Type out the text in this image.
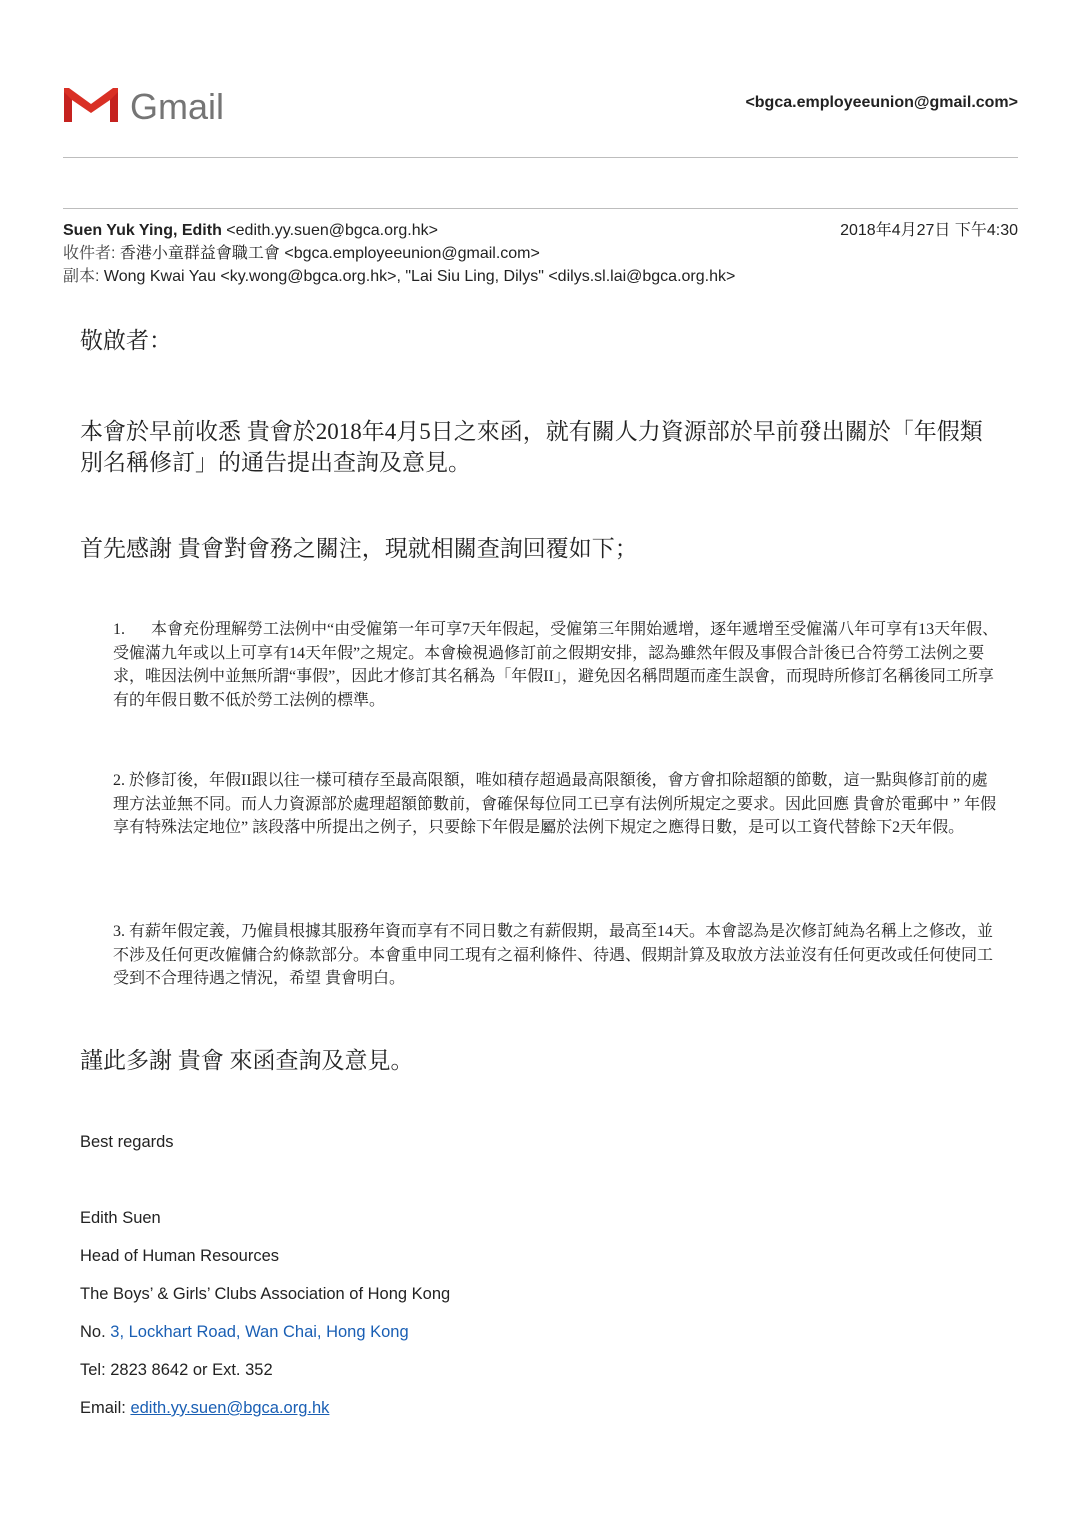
Gmail	<bgca.employeeunion@gmail.com>
Suen Yuk Ying, Edith <edith.yy.suen@bgca.org.hk>	2018年4月27日 下午4:30
收件者: 香港小童群益會職工會 <bgca.employeeunion@gmail.com>
副本: Wong Kwai Yau <ky.wong@bgca.org.hk>, "Lai Siu Ling, Dilys" <dilys.sl.lai@bgca.org.hk>
敬啟者：
本會於早前收悉 貴會於2018年4月5日之來函，就有關人力資源部於早前發出關於「年假類別名稱修訂」的通告提出查詢及意見。
首先感謝 貴會對會務之關注，現就相關查詢回覆如下；
1. 本會充份理解勞工法例中“由受僱第一年可享7天年假起，受僱第三年開始遞增，逐年遞增至受僱滿八年可享有13天年假、受僱滿九年或以上可享有14天年假”之規定。本會檢視過修訂前之假期安排，認為雖然年假及事假合計後已合符勞工法例之要求，唯因法例中並無所謂“事假”，因此才修訂其名稱為「年假II」，避免因名稱問題而產生誤會，而現時所修訂名稱後同工所享有的年假日數不低於勞工法例的標準。
2. 於修訂後，年假II跟以往一樣可積存至最高限額，唯如積存超過最高限額後，會方會扣除超額的節數，這一點與修訂前的處理方法並無不同。而人力資源部於處理超額節數前，會確保每位同工已享有法例所規定之要求。因此回應 貴會於電郵中 ” 年假享有特殊法定地位” 該段落中所提出之例子，只要餘下年假是屬於法例下規定之應得日數，是可以工資代替餘下2天年假。
3. 有薪年假定義，乃僱員根據其服務年資而享有不同日數之有薪假期，最高至14天。本會認為是次修訂純為名稱上之修改，並不涉及任何更改僱傭合約條款部分。本會重申同工現有之福利條件、待遇、假期計算及取放方法並沒有任何更改或任何使同工受到不合理待遇之情況，希望 貴會明白。
謹此多謝 貴會 來函查詢及意見。
Best regards
Edith Suen
Head of Human Resources
The Boys’ & Girls’ Clubs Association of Hong Kong
No. 3, Lockhart Road, Wan Chai, Hong Kong
Tel: 2823 8642 or Ext. 352
Email: edith.yy.suen@bgca.org.hk
